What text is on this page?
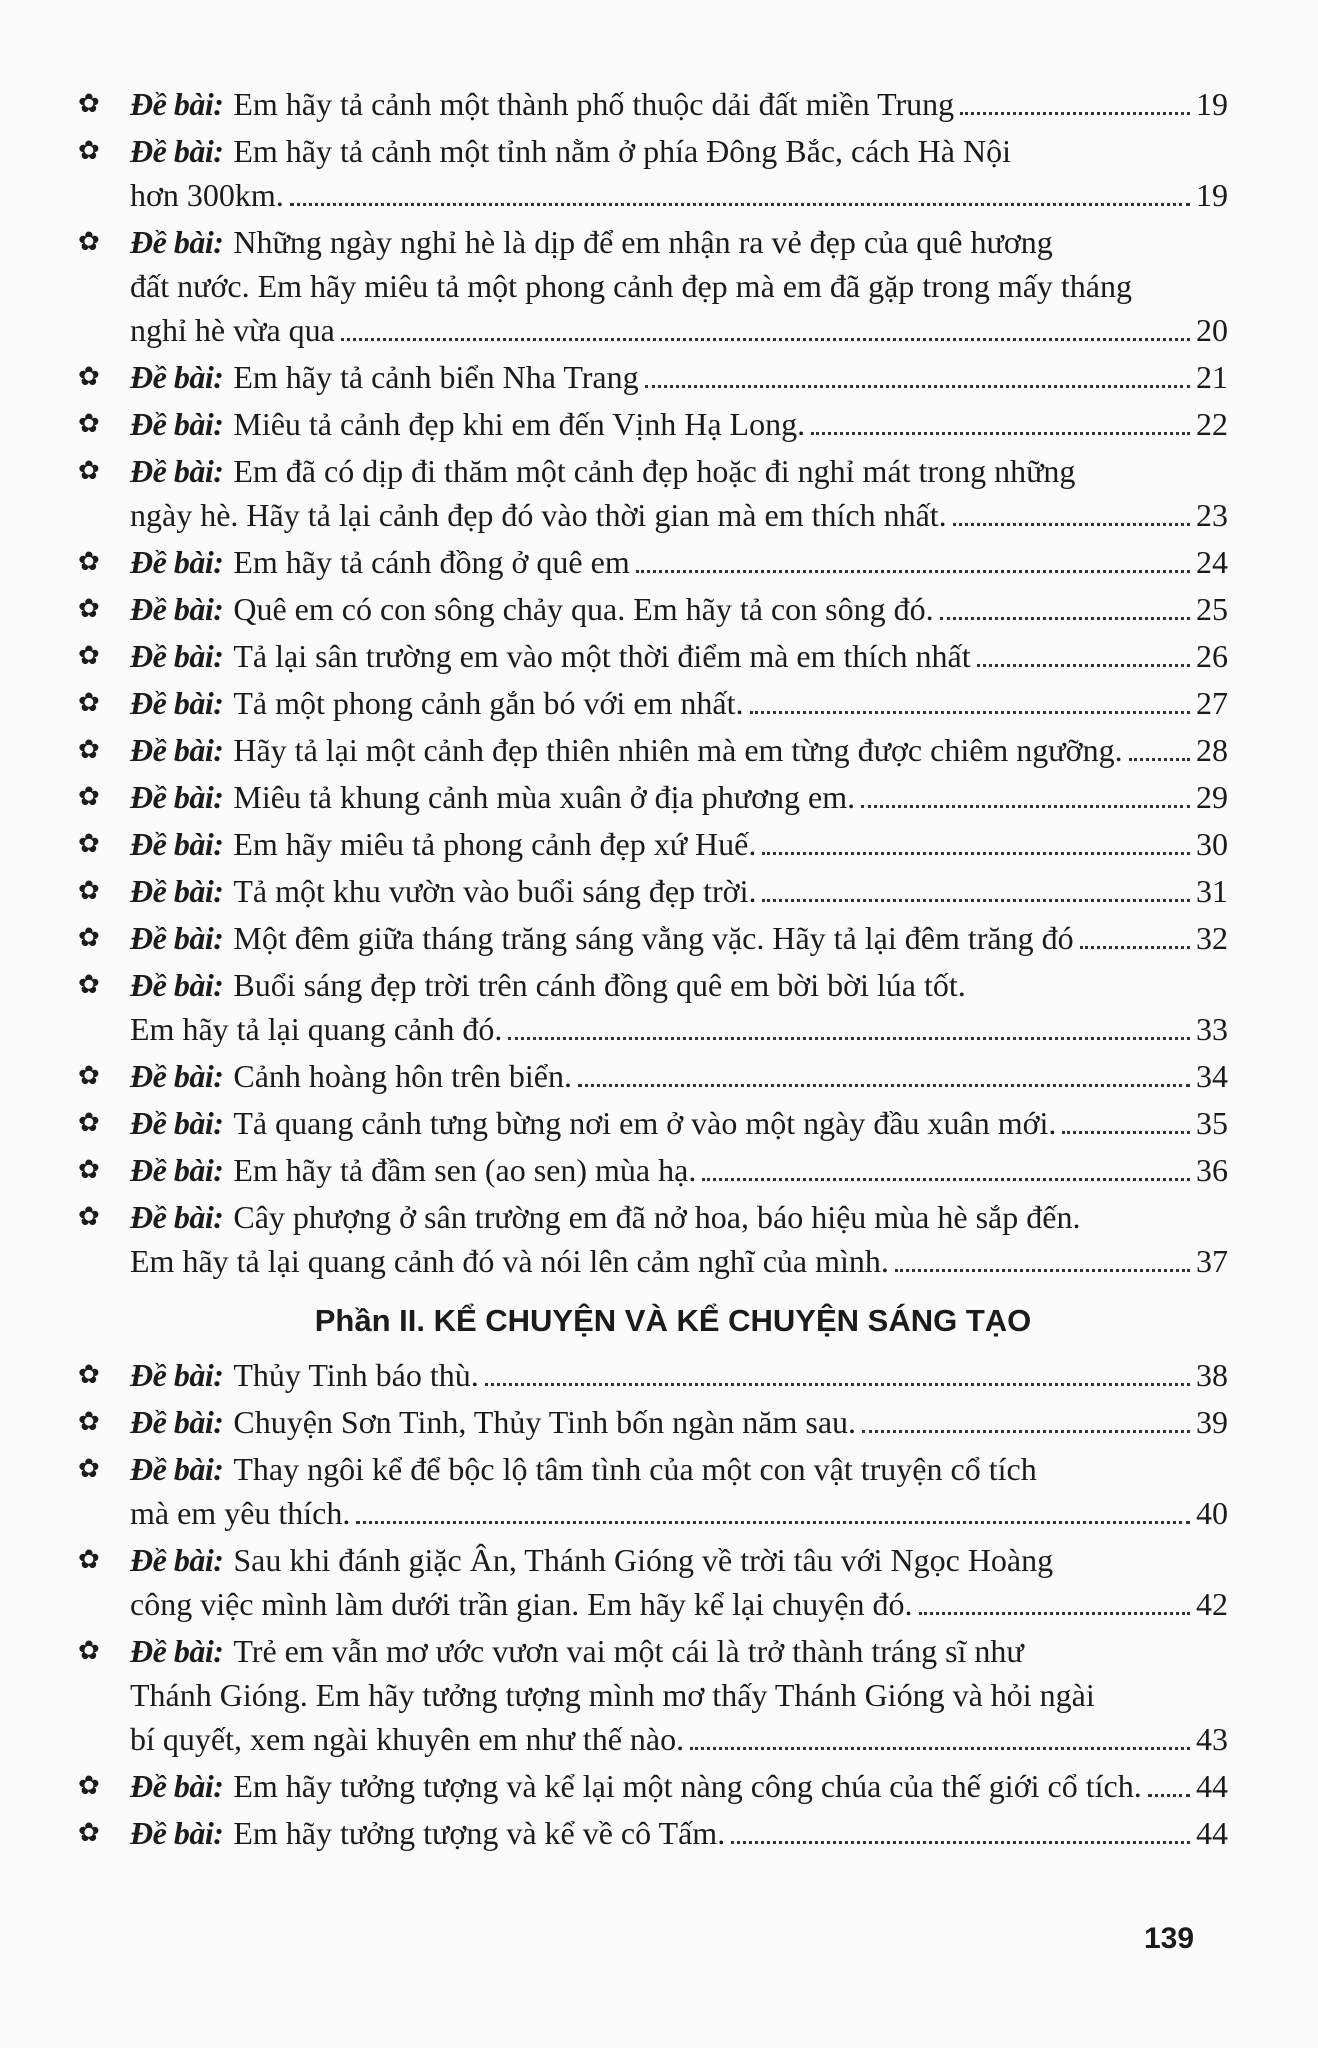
✿ Đề bài: Em hãy tả cảnh một thành phố thuộc dải đất miền Trung	19
✿ Đề bài: Em hãy tả cảnh một tỉnh nằm ở phía Đông Bắc, cách Hà Nội
hơn 300km.	19
✿ Đề bài: Những ngày nghỉ hè là dịp để em nhận ra vẻ đẹp của quê hương
đất nước. Em hãy miêu tả một phong cảnh đẹp mà em đã gặp trong mấy tháng
nghỉ hè vừa qua	20
✿ Đề bài: Em hãy tả cảnh biển Nha Trang	21
✿ Đề bài: Miêu tả cảnh đẹp khi em đến Vịnh Hạ Long.	22
✿ Đề bài: Em đã có dịp đi thăm một cảnh đẹp hoặc đi nghỉ mát trong những
ngày hè. Hãy tả lại cảnh đẹp đó vào thời gian mà em thích nhất.	23
✿ Đề bài: Em hãy tả cánh đồng ở quê em	24
✿ Đề bài: Quê em có con sông chảy qua. Em hãy tả con sông đó.	25
✿ Đề bài: Tả lại sân trường em vào một thời điểm mà em thích nhất	26
✿ Đề bài: Tả một phong cảnh gắn bó với em nhất.	27
✿ Đề bài: Hãy tả lại một cảnh đẹp thiên nhiên mà em từng được chiêm ngưỡng. 28
✿ Đề bài: Miêu tả khung cảnh mùa xuân ở địa phương em.	29
✿ Đề bài: Em hãy miêu tả phong cảnh đẹp xứ Huế.	30
✿ Đề bài: Tả một khu vườn vào buổi sáng đẹp trời.	31
✿ Đề bài: Một đêm giữa tháng trăng sáng vằng vặc. Hãy tả lại đêm trăng đó	32
✿ Đề bài: Buổi sáng đẹp trời trên cánh đồng quê em bời bời lúa tốt.
Em hãy tả lại quang cảnh đó.	33
✿ Đề bài: Cảnh hoàng hôn trên biển.	34
✿ Đề bài: Tả quang cảnh tưng bừng nơi em ở vào một ngày đầu xuân mới.	35
✿ Đề bài: Em hãy tả đầm sen (ao sen) mùa hạ.	36
✿ Đề bài: Cây phượng ở sân trường em đã nở hoa, báo hiệu mùa hè sắp đến.
Em hãy tả lại quang cảnh đó và nói lên cảm nghĩ của mình.	37
Phần II. KỂ CHUYỆN VÀ KỂ CHUYỆN SÁNG TẠO
✿ Đề bài: Thủy Tinh báo thù.	38
✿ Đề bài: Chuyện Sơn Tinh, Thủy Tinh bốn ngàn năm sau.	39
✿ Đề bài: Thay ngôi kể để bộc lộ tâm tình của một con vật truyện cổ tích
mà em yêu thích.	40
✿ Đề bài: Sau khi đánh giặc Ân, Thánh Gióng về trời tâu với Ngọc Hoàng
công việc mình làm dưới trần gian. Em hãy kể lại chuyện đó.	42
✿ Đề bài: Trẻ em vẫn mơ ước vươn vai một cái là trở thành tráng sĩ như
Thánh Gióng. Em hãy tưởng tượng mình mơ thấy Thánh Gióng và hỏi ngài
bí quyết, xem ngài khuyên em như thế nào.	43
✿ Đề bài: Em hãy tưởng tượng và kể lại một nàng công chúa của thế giới cổ tích. 44
✿ Đề bài: Em hãy tưởng tượng và kể về cô Tấm.	44
139
